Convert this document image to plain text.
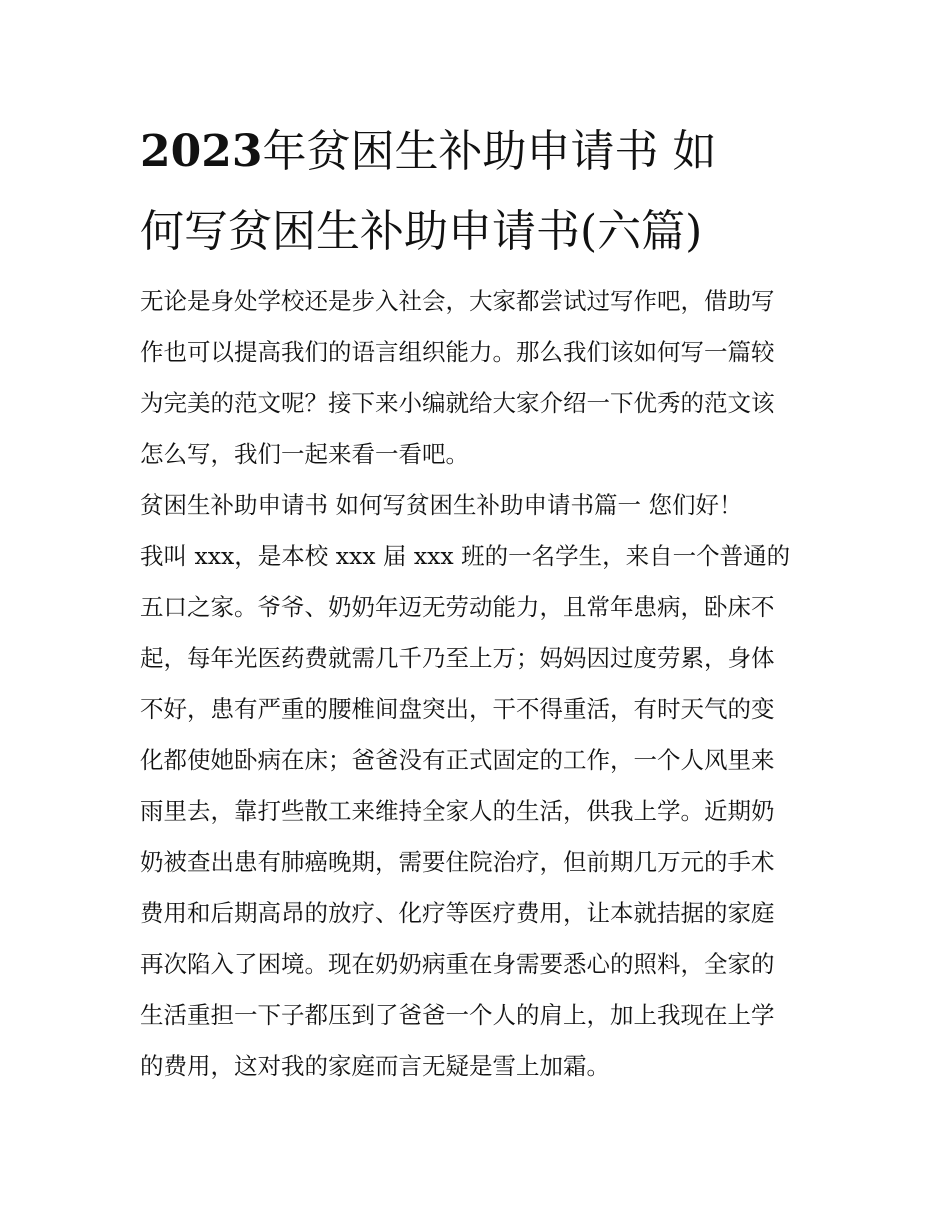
2023年贫困生补助申请书 如
何写贫困生补助申请书(六篇)
无论是身处学校还是步入社会，大家都尝试过写作吧，借助写
作也可以提高我们的语言组织能力。那么我们该如何写一篇较
为完美的范文呢？接下来小编就给大家介绍一下优秀的范文该
怎么写，我们一起来看一看吧。
贫困生补助申请书 如何写贫困生补助申请书篇一 您们好！
我叫 xxx，是本校 xxx 届 xxx 班的一名学生，来自一个普通的
五口之家。爷爷、奶奶年迈无劳动能力，且常年患病，卧床不
起，每年光医药费就需几千乃至上万；妈妈因过度劳累，身体
不好，患有严重的腰椎间盘突出，干不得重活，有时天气的变
化都使她卧病在床；爸爸没有正式固定的工作，一个人风里来
雨里去，靠打些散工来维持全家人的生活，供我上学。近期奶
奶被查出患有肺癌晚期，需要住院治疗，但前期几万元的手术
费用和后期高昂的放疗、化疗等医疗费用，让本就拮据的家庭
再次陷入了困境。现在奶奶病重在身需要悉心的照料，全家的
生活重担一下子都压到了爸爸一个人的肩上，加上我现在上学
的费用，这对我的家庭而言无疑是雪上加霜。
